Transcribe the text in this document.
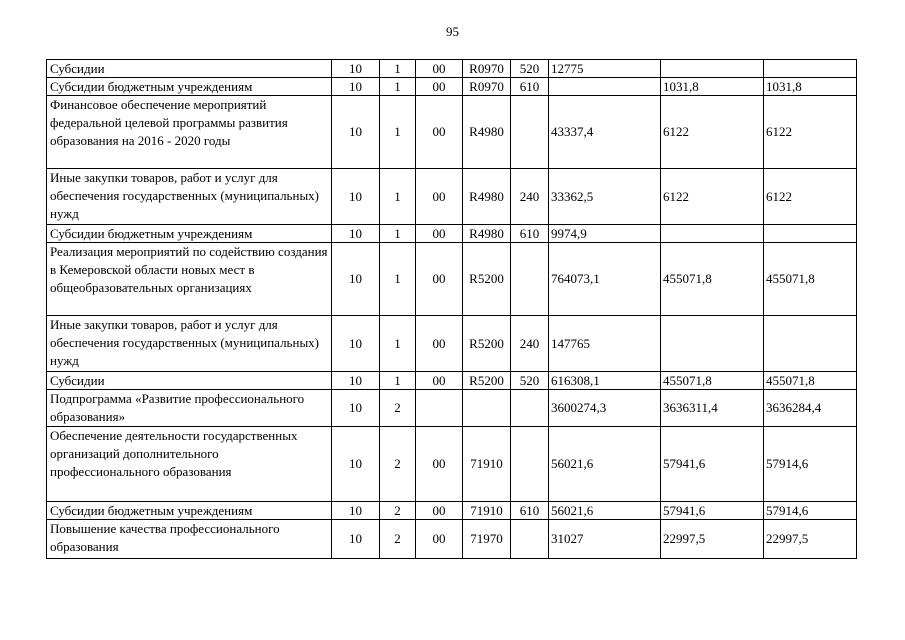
95
Субсидии	10	1	00	R0970	520	12775		
Субсидии бюджетным учреждениям	10	1	00	R0970	610		1031,8	1031,8
Финансовое обеспечение мероприятий федеральной целевой программы развития образования на 2016 - 2020 годы	10	1	00	R4980		43337,4	6122	6122
Иные закупки товаров, работ и услуг для обеспечения государственных (муниципальных) нужд	10	1	00	R4980	240	33362,5	6122	6122
Субсидии бюджетным учреждениям	10	1	00	R4980	610	9974,9		
Реализация мероприятий по содействию создания в Кемеровской области новых мест в общеобразовательных организациях	10	1	00	R5200		764073,1	455071,8	455071,8
Иные закупки товаров, работ и услуг для обеспечения государственных (муниципальных) нужд	10	1	00	R5200	240	147765		
Субсидии	10	1	00	R5200	520	616308,1	455071,8	455071,8
Подпрограмма «Развитие профессионального образования»	10	2				3600274,3	3636311,4	3636284,4
Обеспечение деятельности государственных организаций дополнительного профессионального образования	10	2	00	71910		56021,6	57941,6	57914,6
Субсидии бюджетным учреждениям	10	2	00	71910	610	56021,6	57941,6	57914,6
Повышение качества профессионального образования	10	2	00	71970		31027	22997,5	22997,5
